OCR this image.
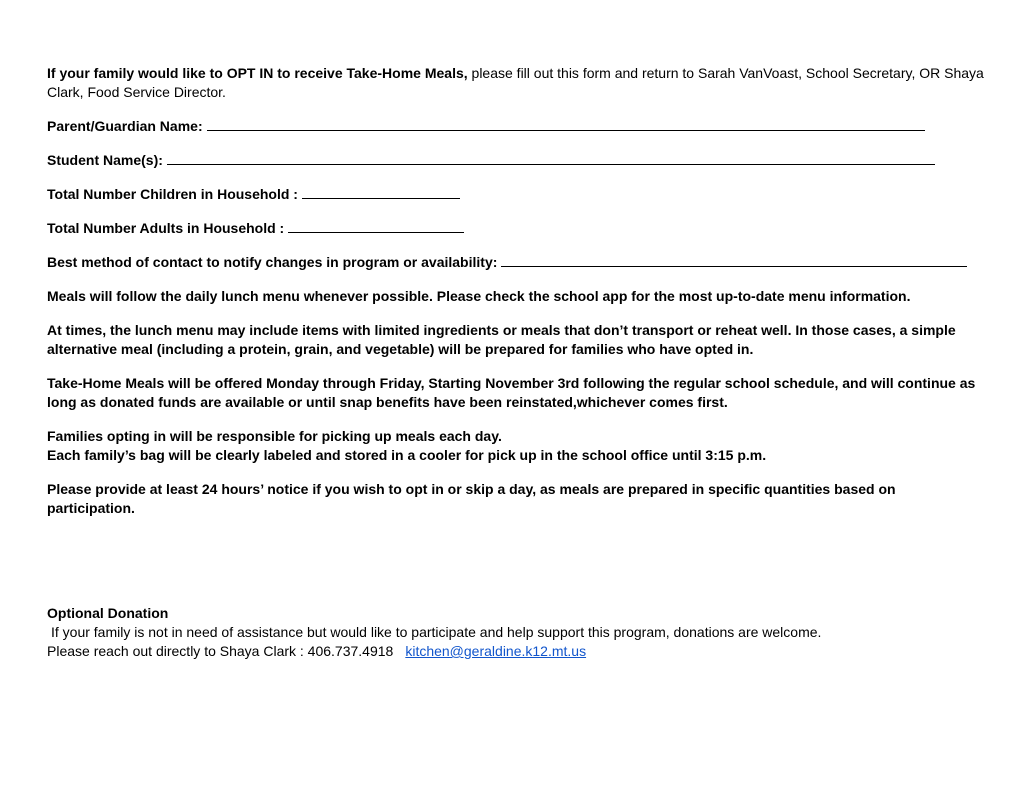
If your family would like to OPT IN to receive Take-Home Meals, please fill out this form and return to Sarah VanVoast, School Secretary, OR Shaya Clark, Food Service Director.

Parent/Guardian Name:
Student Name(s):
Total Number Children in Household :
Total Number Adults in Household :
Best method of contact to notify changes in program or availability:

Meals will follow the daily lunch menu whenever possible. Please check the school app for the most up-to-date menu information.

At times, the lunch menu may include items with limited ingredients or meals that don’t transport or reheat well. In those cases, a simple alternative meal (including a protein, grain, and vegetable) will be prepared for families who have opted in.

Take-Home Meals will be offered Monday through Friday, Starting November 3rd following the regular school schedule, and will continue as long as donated funds are available or until snap benefits have been reinstated,whichever comes first.

Families opting in will be responsible for picking up meals each day.
Each family’s bag will be clearly labeled and stored in a cooler for pick up in the school office until 3:15 p.m.

Please provide at least 24 hours’ notice if you wish to opt in or skip a day, as meals are prepared in specific quantities based on participation.

Optional Donation
If your family is not in need of assistance but would like to participate and help support this program, donations are welcome.
Please reach out directly to Shaya Clark : 406.737.4918 kitchen@geraldine.k12.mt.us
